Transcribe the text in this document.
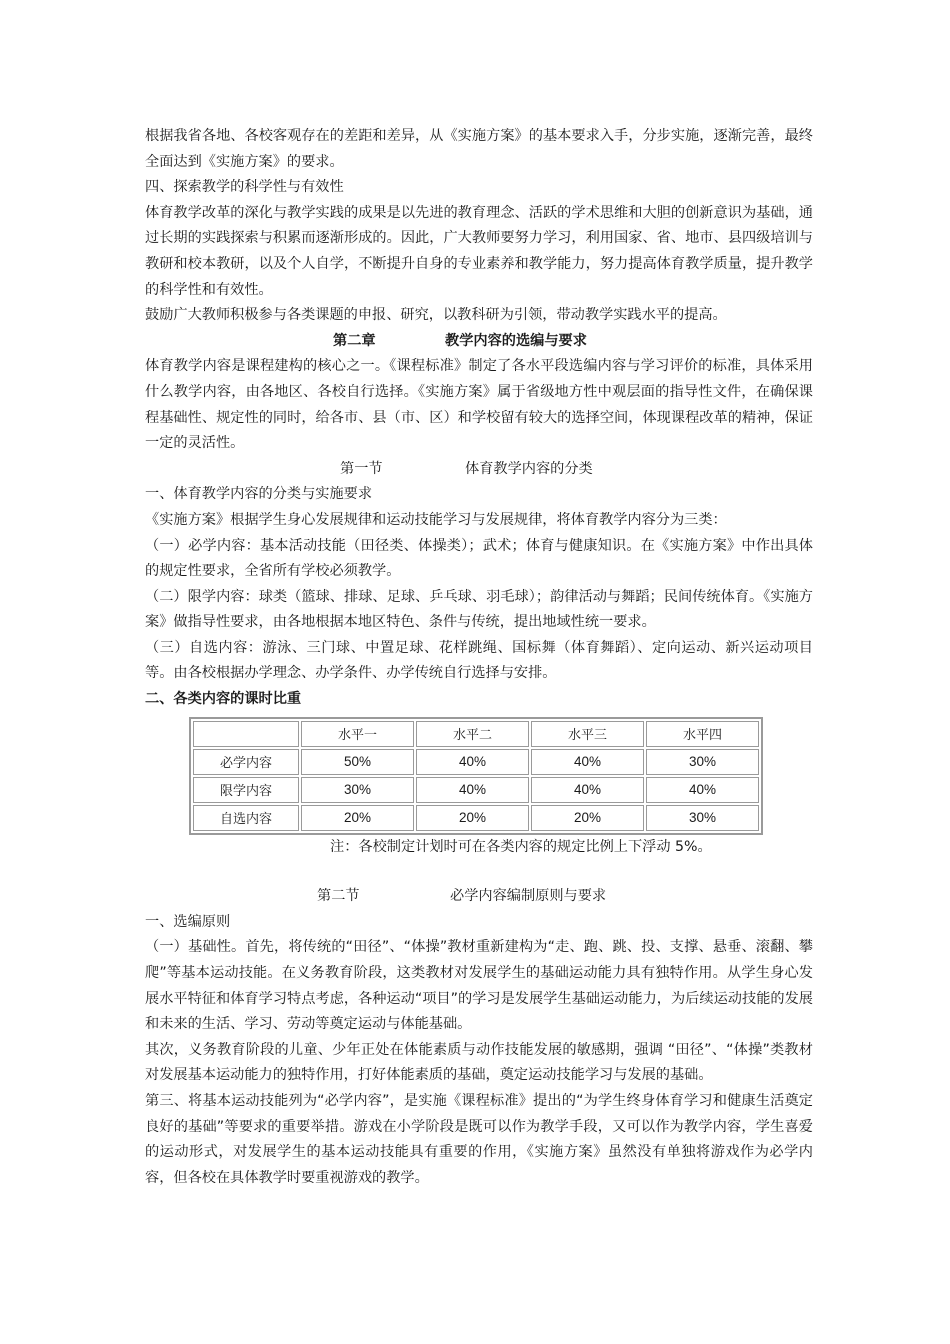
根据我省各地、各校客观存在的差距和差异，从《实施方案》的基本要求入手，分步实施，逐渐完善，最终全面达到《实施方案》的要求。

四、探索教学的科学性与有效性

体育教学改革的深化与教学实践的成果是以先进的教育理念、活跃的学术思维和大胆的创新意识为基础，通过长期的实践探索与积累而逐渐形成的。因此，广大教师要努力学习，利用国家、省、地市、县四级培训与教研和校本教研，以及个人自学，不断提升自身的专业素养和教学能力，努力提高体育教学质量，提升教学的科学性和有效性。

鼓励广大教师积极参与各类课题的申报、研究，以教科研为引领，带动教学实践水平的提高。

第二章	教学内容的选编与要求

体育教学内容是课程建构的核心之一。《课程标准》制定了各水平段选编内容与学习评价的标准，具体采用什么教学内容，由各地区、各校自行选择。《实施方案》属于省级地方性中观层面的指导性文件，在确保课程基础性、规定性的同时，给各市、县（市、区）和学校留有较大的选择空间，体现课程改革的精神，保证一定的灵活性。

第一节	体育教学内容的分类

一、体育教学内容的分类与实施要求

《实施方案》根据学生身心发展规律和运动技能学习与发展规律，将体育教学内容分为三类：

（一）必学内容：基本活动技能（田径类、体操类）；武术；体育与健康知识。在《实施方案》中作出具体的规定性要求，全省所有学校必须教学。

（二）限学内容：球类（篮球、排球、足球、乒乓球、羽毛球）；韵律活动与舞蹈；民间传统体育。《实施方案》做指导性要求，由各地根据本地区特色、条件与传统，提出地域性统一要求。

（三）自选内容：游泳、三门球、中置足球、花样跳绳、国标舞（体育舞蹈）、定向运动、新兴运动项目等。由各校根据办学理念、办学条件、办学传统自行选择与安排。

二、各类内容的课时比重

	水平一	水平二	水平三	水平四
必学内容	50%	40%	40%	30%
限学内容	30%	40%	40%	40%
自选内容	20%	20%	20%	30%

注：各校制定计划时可在各类内容的规定比例上下浮动 5%。

第二节	必学内容编制原则与要求

一、选编原则

（一）基础性。首先，将传统的“田径”、“体操”教材重新建构为“走、跑、跳、投、支撑、悬垂、滚翻、攀爬”等基本运动技能。在义务教育阶段，这类教材对发展学生的基础运动能力具有独特作用。从学生身心发展水平特征和体育学习特点考虑，各种运动“项目”的学习是发展学生基础运动能力，为后续运动技能的发展和未来的生活、学习、劳动等奠定运动与体能基础。

其次，义务教育阶段的儿童、少年正处在体能素质与动作技能发展的敏感期，强调 “田径”、“体操”类教材对发展基本运动能力的独特作用，打好体能素质的基础，奠定运动技能学习与发展的基础。

第三、将基本运动技能列为“必学内容”，是实施《课程标准》提出的“为学生终身体育学习和健康生活奠定良好的基础”等要求的重要举措。游戏在小学阶段是既可以作为教学手段，又可以作为教学内容，学生喜爱的运动形式，对发展学生的基本运动技能具有重要的作用，《实施方案》虽然没有单独将游戏作为必学内容，但各校在具体教学时要重视游戏的教学。
